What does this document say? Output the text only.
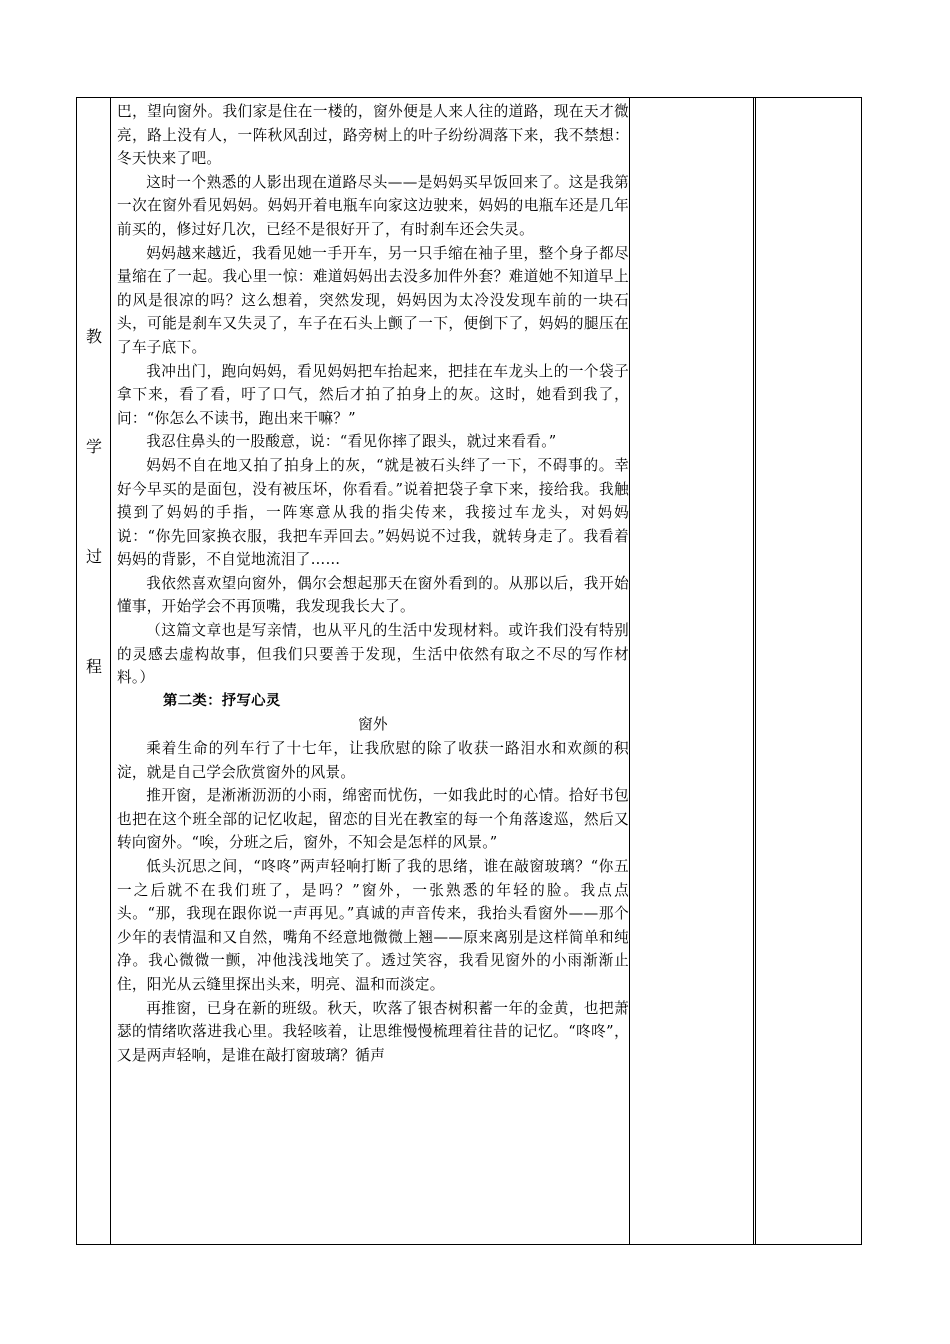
教
学
过
程

巴，望向窗外。我们家是住在一楼的，窗外便是人来人往的道路，现在天才微亮，路上没有人，一阵秋风刮过，路旁树上的叶子纷纷凋落下来，我不禁想：冬天快来了吧。

这时一个熟悉的人影出现在道路尽头——是妈妈买早饭回来了。这是我第一次在窗外看见妈妈。妈妈开着电瓶车向家这边驶来，妈妈的电瓶车还是几年前买的，修过好几次，已经不是很好开了，有时刹车还会失灵。

妈妈越来越近，我看见她一手开车，另一只手缩在袖子里，整个身子都尽量缩在了一起。我心里一惊：难道妈妈出去没多加件外套？难道她不知道早上的风是很凉的吗？这么想着，突然发现，妈妈因为太冷没发现车前的一块石头，可能是刹车又失灵了，车子在石头上颤了一下，便倒下了，妈妈的腿压在了车子底下。

我冲出门，跑向妈妈，看见妈妈把车抬起来，把挂在车龙头上的一个袋子拿下来，看了看，吁了口气，然后才拍了拍身上的灰。这时，她看到我了，问：“你怎么不读书，跑出来干嘛？”

我忍住鼻头的一股酸意，说：“看见你摔了跟头，就过来看看。”

妈妈不自在地又拍了拍身上的灰，“就是被石头绊了一下，不碍事的。幸好今早买的是面包，没有被压坏，你看看。”说着把袋子拿下来，接给我。我触摸到了妈妈的手指，一阵寒意从我的指尖传来，我接过车龙头，对妈妈说：“你先回家换衣服，我把车弄回去。”妈妈说不过我，就转身走了。我看着妈妈的背影，不自觉地流泪了……

我依然喜欢望向窗外，偶尔会想起那天在窗外看到的。从那以后，我开始懂事，开始学会不再顶嘴，我发现我长大了。

（这篇文章也是写亲情，也从平凡的生活中发现材料。或许我们没有特别的灵感去虚构故事，但我们只要善于发现，生活中依然有取之不尽的写作材料。）

第二类：抒写心灵

窗外

乘着生命的列车行了十七年，让我欣慰的除了收获一路泪水和欢颜的积淀，就是自己学会欣赏窗外的风景。

推开窗，是淅淅沥沥的小雨，绵密而忧伤，一如我此时的心情。拾好书包也把在这个班全部的记忆收起，留恋的目光在教室的每一个角落逡巡，然后又转向窗外。“唉，分班之后，窗外，不知会是怎样的风景。”

低头沉思之间，“咚咚”两声轻响打断了我的思绪，谁在敲窗玻璃？“你五一之后就不在我们班了，是吗？”窗外，一张熟悉的年轻的脸。我点点头。“那，我现在跟你说一声再见。”真诚的声音传来，我抬头看窗外——那个少年的表情温和又自然，嘴角不经意地微微上翘——原来离别是这样简单和纯净。我心微微一颤，冲他浅浅地笑了。透过笑容，我看见窗外的小雨渐渐止住，阳光从云缝里探出头来，明亮、温和而淡定。

再推窗，已身在新的班级。秋天，吹落了银杏树积蓄一年的金黄，也把萧瑟的情绪吹落进我心里。我轻咳着，让思维慢慢梳理着往昔的记忆。“咚咚”，又是两声轻响，是谁在敲打窗玻璃？循声
